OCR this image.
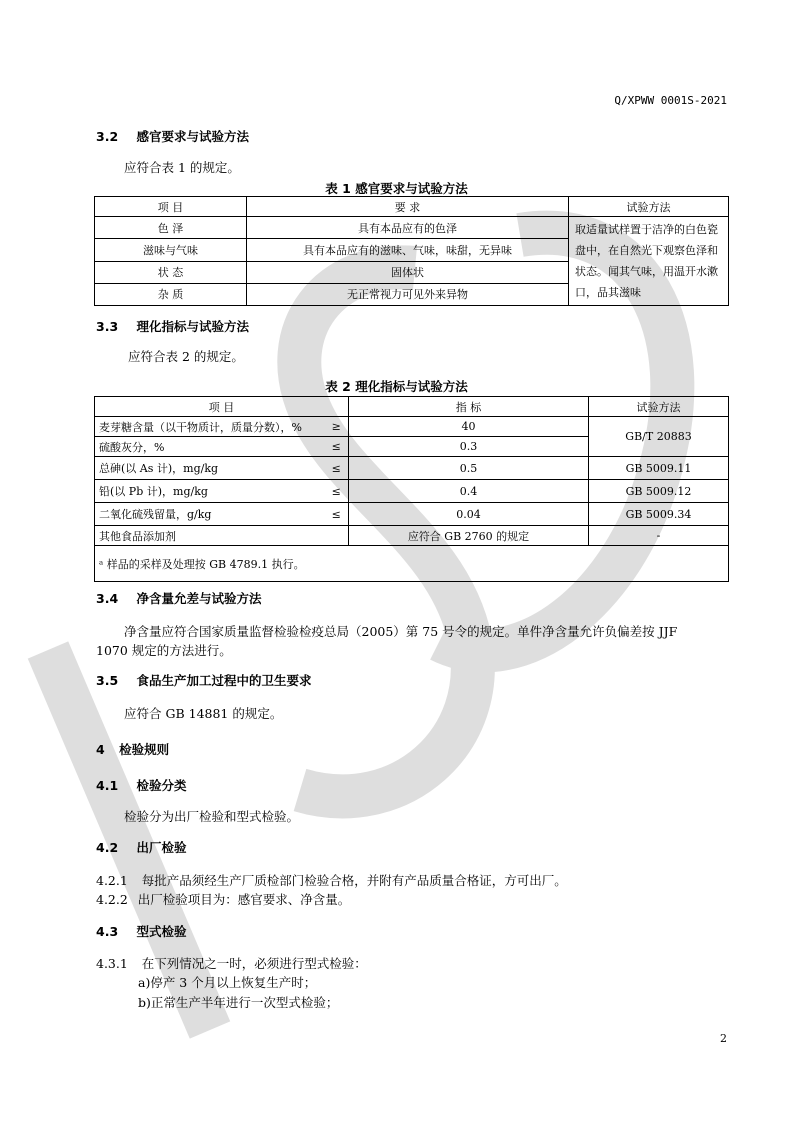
Q/XPWW 0001S-2021
3.2 感官要求与试验方法
应符合表 1 的规定。
表 1 感官要求与试验方法
项 目	要 求	试验方法
色 泽	具有本品应有的色泽	取适量试样置于洁净的白色瓷盘中，在自然光下观察色泽和状态。闻其气味，用温开水漱口，品其滋味
滋味与气味	具有本品应有的滋味、气味，味甜，无异味	
状 态	固体状	
杂 质	无正常视力可见外来异物	
3.3 理化指标与试验方法
应符合表 2 的规定。
表 2 理化指标与试验方法
项 目		指 标	试验方法
麦芽糖含量（以干物质计，质量分数），%	≥	40	GB/T 20883
硫酸灰分，%	≤	0.3	
总砷(以 As 计)，mg/kg	≤	0.5	GB 5009.11
铅(以 Pb 计)，mg/kg	≤	0.4	GB 5009.12
二氧化硫残留量，g/kg	≤	0.04	GB 5009.34
其他食品添加剂		应符合 GB 2760 的规定	-
ᵃ 样品的采样及处理按 GB 4789.1 执行。			
3.4 净含量允差与试验方法
净含量应符合国家质量监督检验检疫总局（2005）第 75 号令的规定。单件净含量允许负偏差按 JJF
1070 规定的方法进行。
3.5 食品生产加工过程中的卫生要求
应符合 GB 14881 的规定。
4 检验规则
4.1 检验分类
检验分为出厂检验和型式检验。
4.2 出厂检验
4.2.1 每批产品须经生产厂质检部门检验合格，并附有产品质量合格证，方可出厂。
4.2.2 出厂检验项目为：感官要求、净含量。
4.3 型式检验
4.3.1 在下列情况之一时，必须进行型式检验：
a)停产 3 个月以上恢复生产时；
b)正常生产半年进行一次型式检验；
2
